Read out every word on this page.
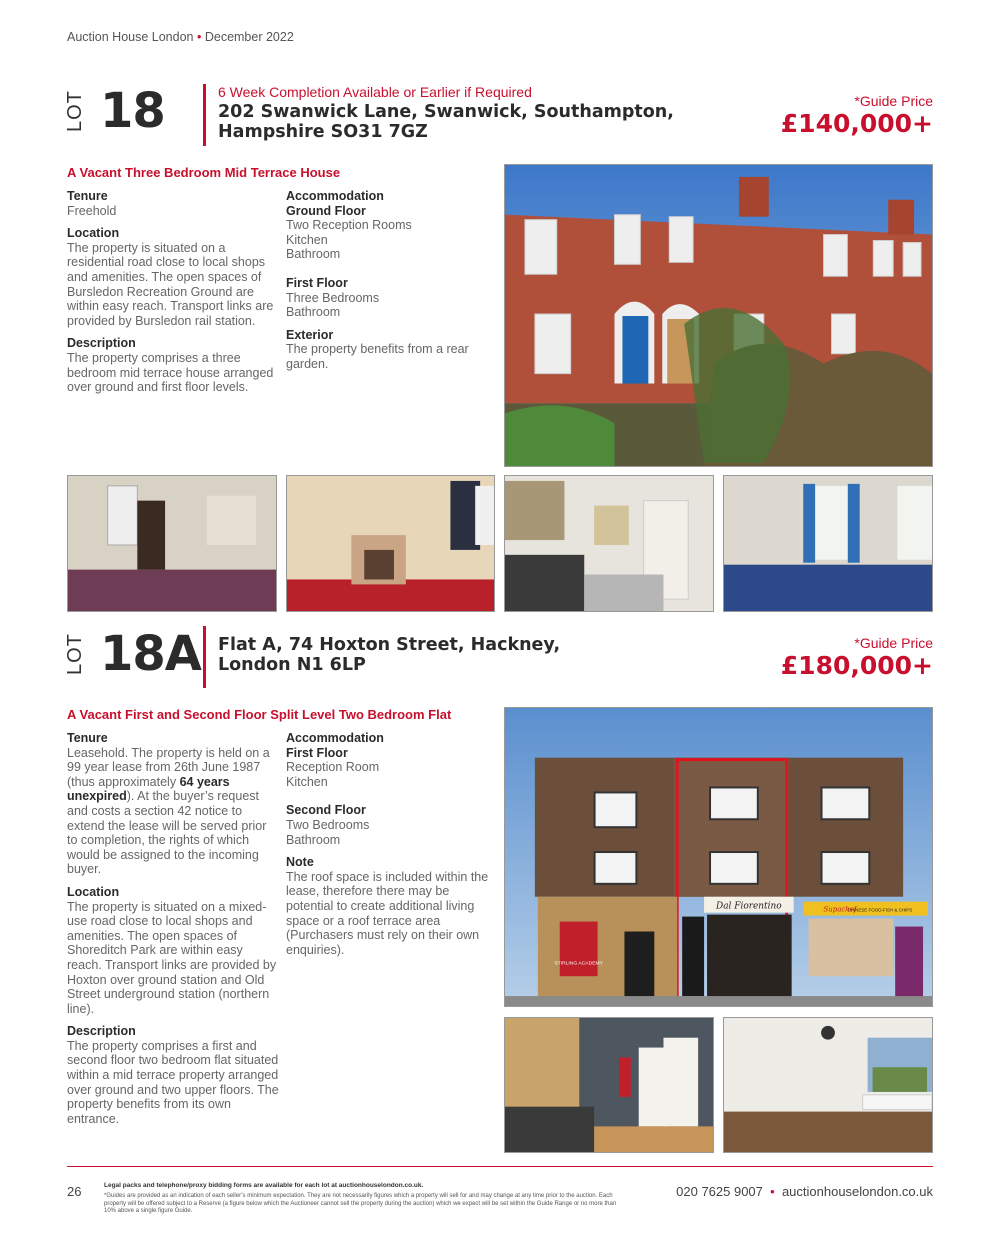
Auction House London • December 2022
LOT 18	6 Week Completion Available or Earlier if Required
202 Swanwick Lane, Swanwick, Southampton,
Hampshire SO31 7GZ
*Guide Price
£140,000+
A Vacant Three Bedroom Mid Terrace House
Tenure

Freehold

Location

The property is situated on a residential road close to local shops and amenities. The open spaces of Bursledon Recreation Ground are within easy reach. Transport links are provided by Bursledon rail station.

Description

The property comprises a three bedroom mid terrace house arranged over ground and first floor levels.

Accommodation
Ground Floor

Two Reception Rooms

Kitchen

Bathroom

First Floor

Three Bedrooms

Bathroom

Exterior

The property benefits from a rear garden.

LOT 18A Flat A, 74 Hoxton Street, Hackney,
London N1 6LP
*Guide Price
£180,000+
A Vacant First and Second Floor Split Level Two Bedroom Flat
Tenure

Leasehold. The property is held on a 99 year lease from 26th June 1987 (thus approximately 64 years unexpired). At the buyer’s request and costs a section 42 notice to extend the lease will be served prior to completion, the rights of which would be assigned to the incoming buyer.

Location

The property is situated on a mixed-use road close to local shops and amenities. The open spaces of Shoreditch Park are within easy reach. Transport links are provided by Hoxton over ground station and Old Street underground station (northern line).

Description

The property comprises a first and second floor two bedroom flat situated within a mid terrace property arranged over ground and two upper floors. The property benefits from its own entrance.

Accommodation
First Floor

Reception Room

Kitchen

Second Floor

Two Bedrooms

Bathroom

Note

The roof space is included within the lease, therefore there may be potential to create additional living space or a roof terrace area (Purchasers must rely on their own enquiries).

STIRLING ACADEMY
Dal Fiorentino	Supachef
CHINESE FOOD-FISH & CHIPS
26	Legal packs and telephone/proxy bidding forms are available for each lot at auctionhouselondon.co.uk.
*Guides are provided as an indication of each seller’s minimum expectation. They are not necessarily figures which a property will sell for and may change at any time prior to the auction. Each property will be offered subject to a Reserve (a figure below which the Auctioneer cannot sell the property during the auction) which we expect will be set within the Guide Range or no more than 10% above a single figure Guide.
020 7625 9007  •  auctionhouselondon.co.uk
